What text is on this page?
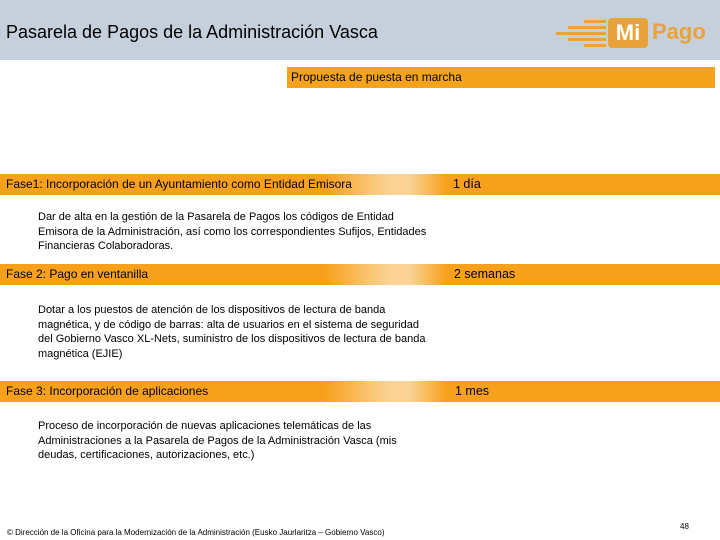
Pasarela de Pagos de la Administración Vasca	Mi Pago
Propuesta de puesta en marcha
Fase1: Incorporación de un Ayuntamiento como Entidad Emisora	1 día
Dar de alta en la gestión de la Pasarela de Pagos los códigos de Entidad Emisora de la Administración, así como los correspondientes Sufijos, Entidades Financieras Colaboradoras.
Fase 2: Pago en ventanilla	2 semanas
Dotar a los puestos de atención de los dispositivos de lectura de banda magnética, y de código de barras: alta de usuarios en el sistema de seguridad del Gobierno Vasco XL-Nets, suministro de los dispositivos de lectura de banda magnética (EJIE)
Fase 3: Incorporación de aplicaciones	1 mes
Proceso de incorporación de nuevas aplicaciones telemáticas de las Administraciones a la Pasarela de Pagos de la Administración Vasca (mis deudas, certificaciones, autorizaciones, etc.)
© Dirección de la Oficina para la Modernización de la Administración (Eusko Jaurlaritza – Gobierno Vasco)
48
